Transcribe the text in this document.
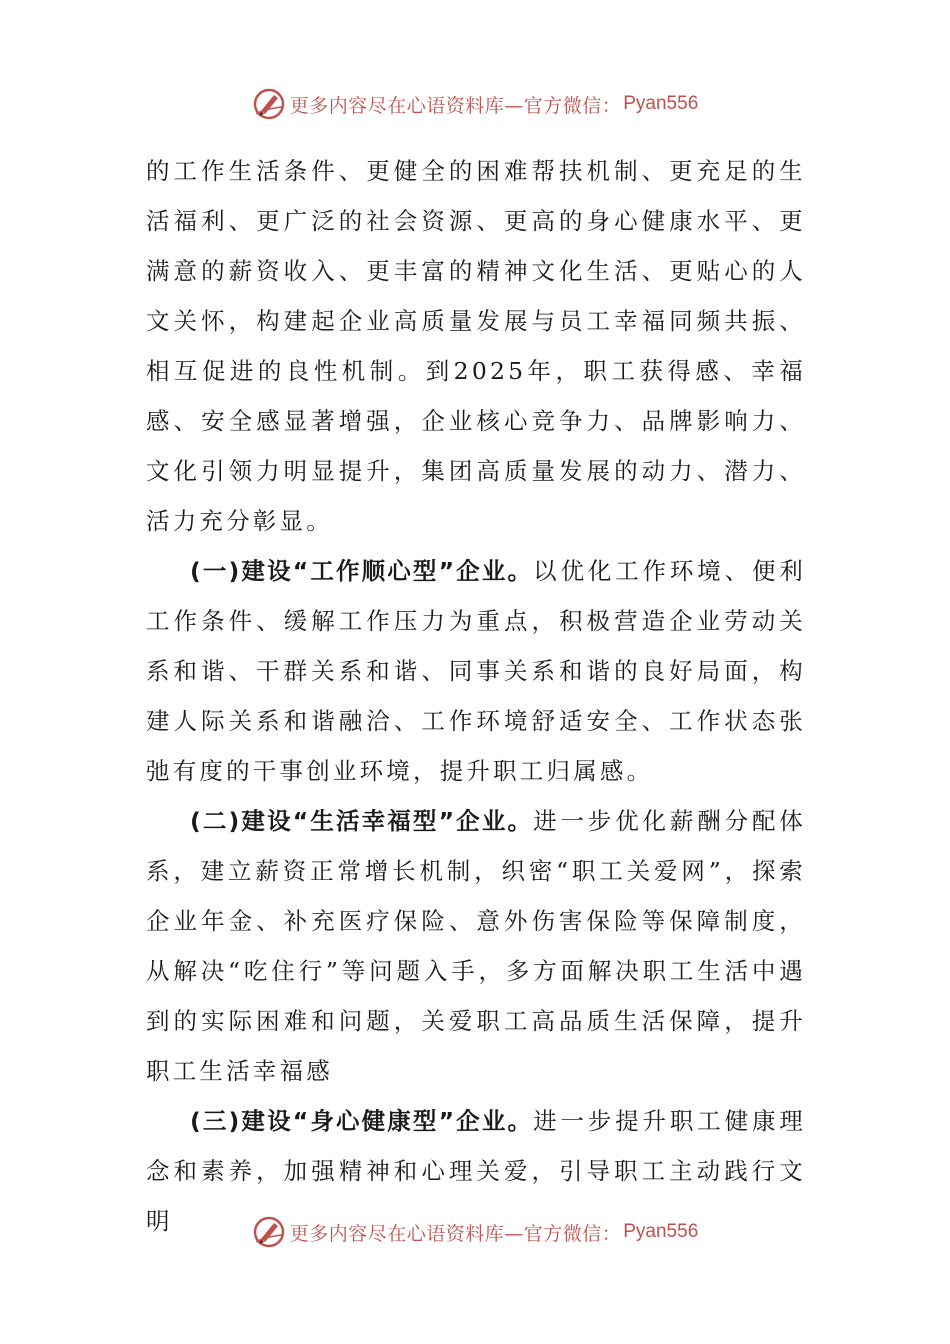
更多内容尽在心语资料库—官方微信： Pyan556

的工作生活条件、更健全的困难帮扶机制、更充足的生活福利、更广泛的社会资源、更高的身心健康水平、更满意的薪资收入、更丰富的精神文化生活、更贴心的人文关怀，构建起企业高质量发展与员工幸福同频共振、相互促进的良性机制。到2025年，职工获得感、幸福感、安全感显著增强，企业核心竞争力、品牌影响力、文化引领力明显提升，集团高质量发展的动力、潜力、活力充分彰显。

(一)建设“工作顺心型”企业。以优化工作环境、便利工作条件、缓解工作压力为重点，积极营造企业劳动关系和谐、干群关系和谐、同事关系和谐的良好局面，构建人际关系和谐融洽、工作环境舒适安全、工作状态张弛有度的干事创业环境，提升职工归属感。

(二)建设“生活幸福型”企业。进一步优化薪酬分配体系，建立薪资正常增长机制，织密“职工关爱网”，探索企业年金、补充医疗保险、意外伤害保险等保障制度，从解决“吃住行”等问题入手，多方面解决职工生活中遇到的实际困难和问题，关爱职工高品质生活保障，提升职工生活幸福感

(三)建设“身心健康型”企业。进一步提升职工健康理念和素养，加强精神和心理关爱，引导职工主动践行文明	更多内容尽在心语资料库—官方微信： Pyan556
